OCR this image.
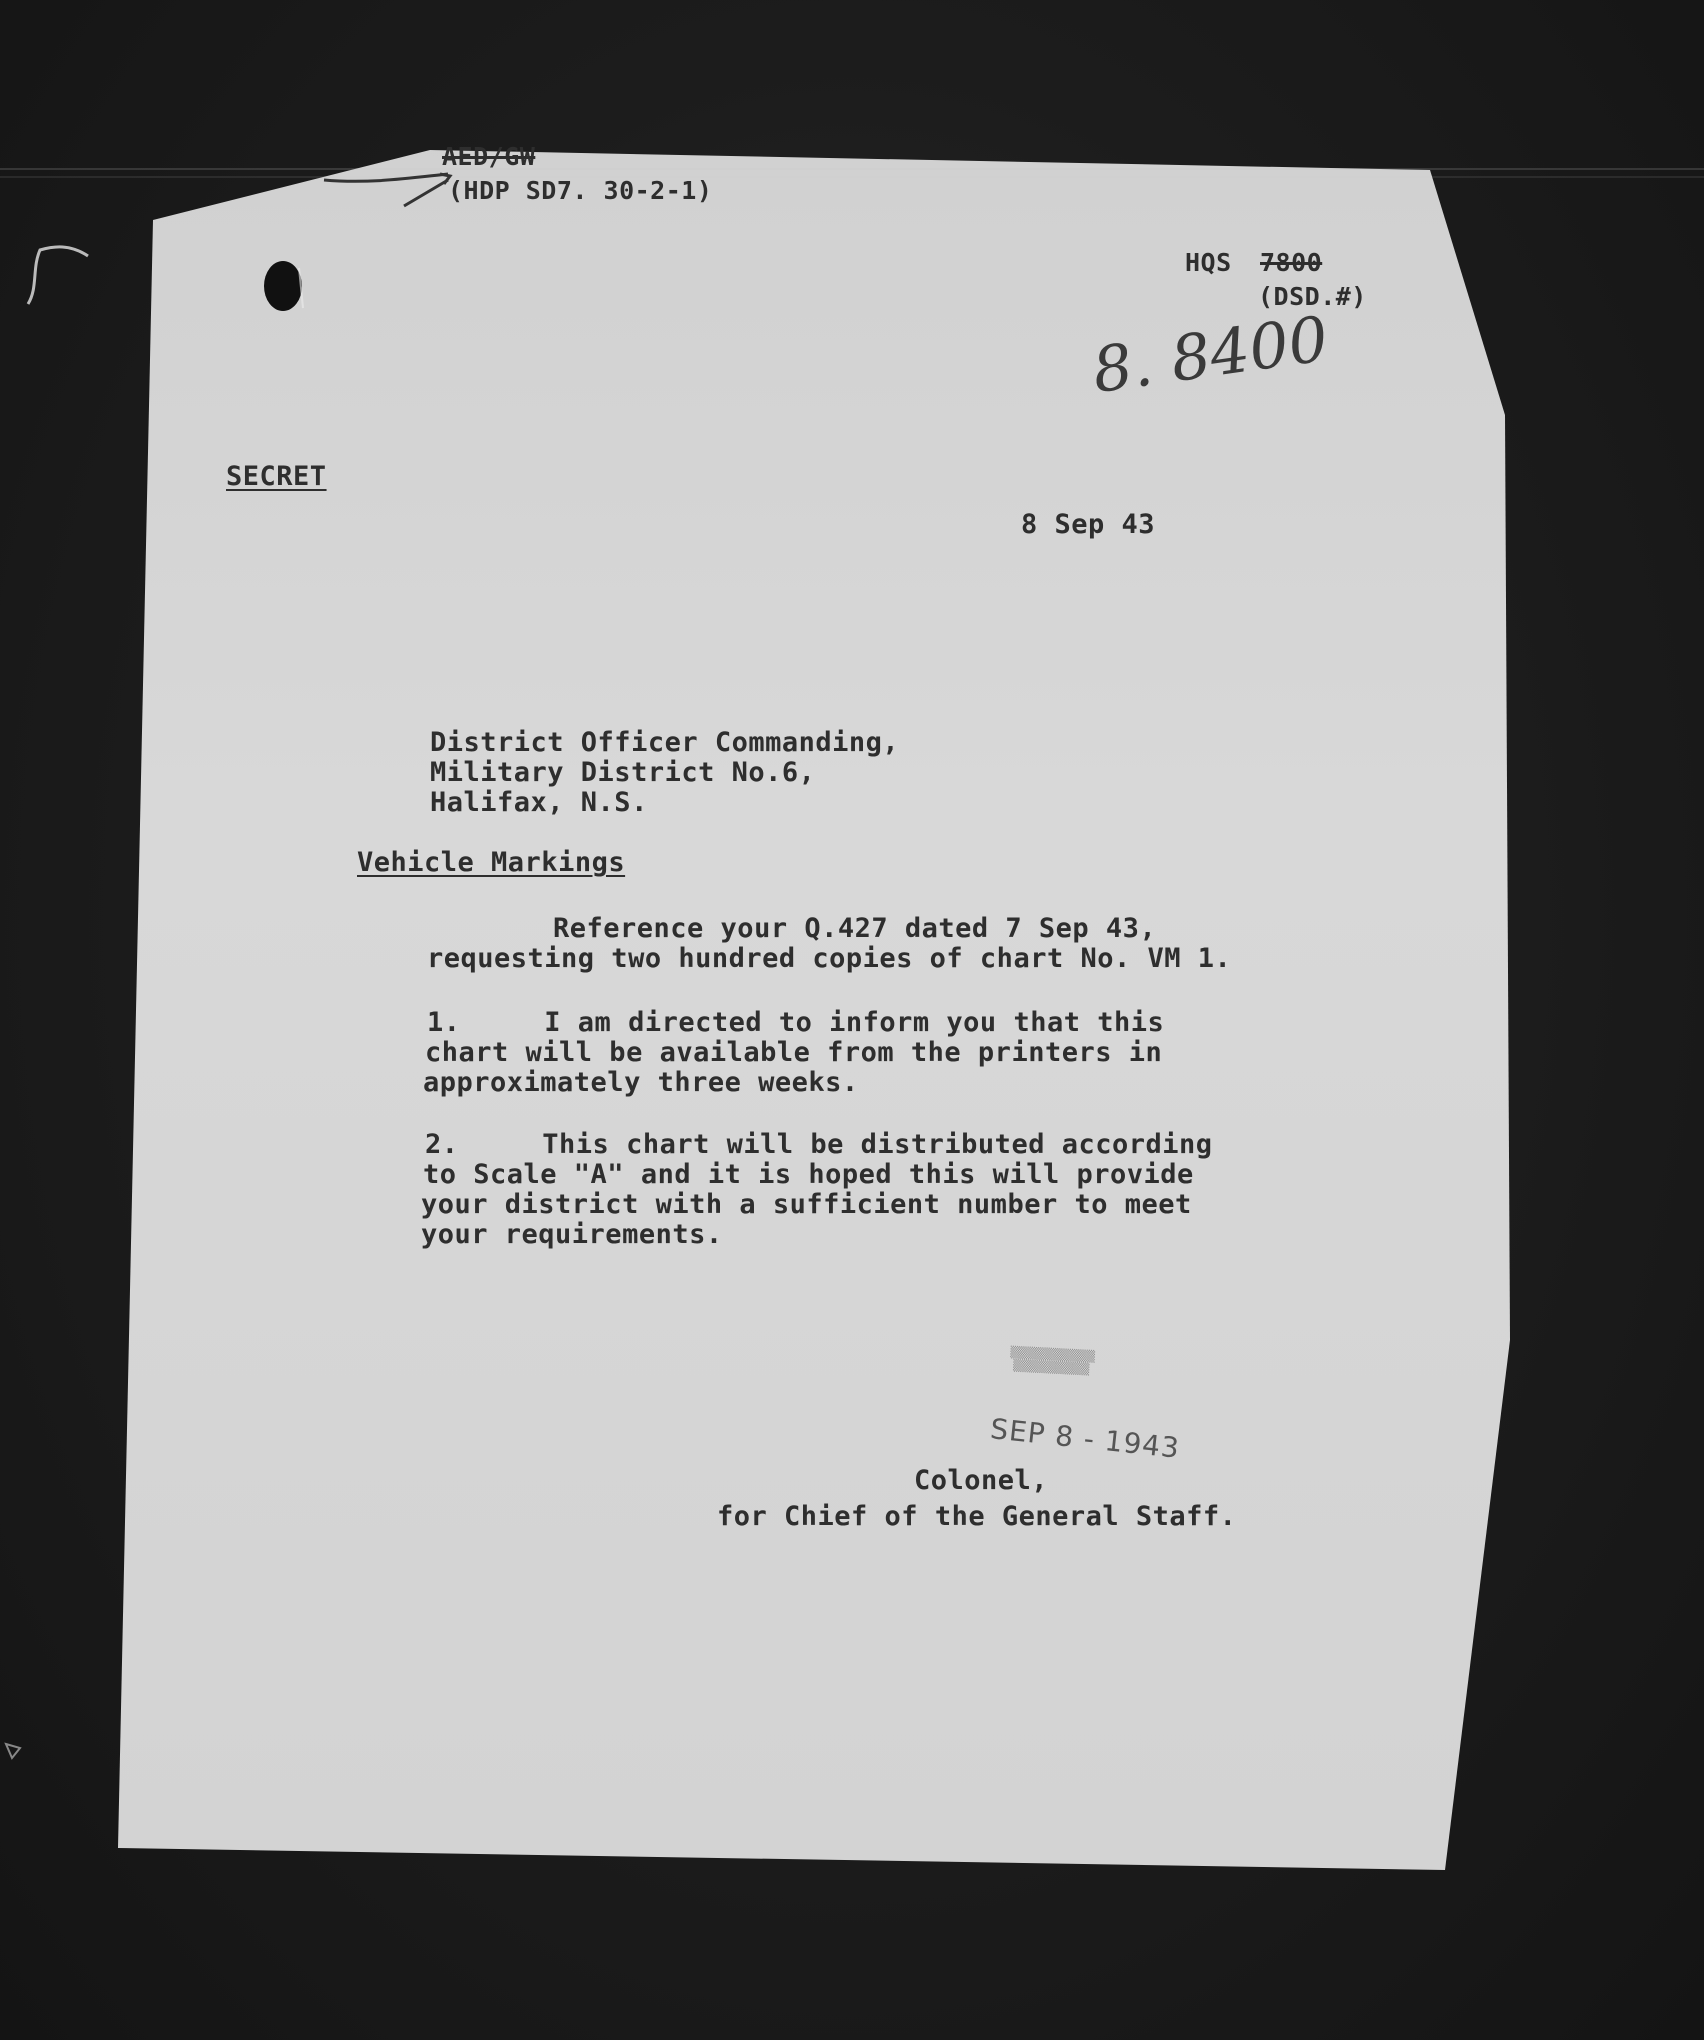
AED/GW
(HDP SD7. 30-2-1)
HQS 7800
(DSD.#)
8. 8400
SECRET
8 Sep 43
District Officer Commanding,
Military District No.6,
Halifax, N.S.
Vehicle Markings
Reference your Q.427 dated 7 Sep 43,
requesting two hundred copies of chart No. VM 1.
1.     I am directed to inform you that this
chart will be available from the printers in
approximately three weeks.
2.     This chart will be distributed according
to Scale "A" and it is hoped this will provide
your district with a sufficient number to meet
your requirements.
▒▒▒▒▒▒▒▒▒▒
▒▒▒▒▒▒▒▒▒
SEP 8 - 1943
Colonel,
for Chief of the General Staff.
